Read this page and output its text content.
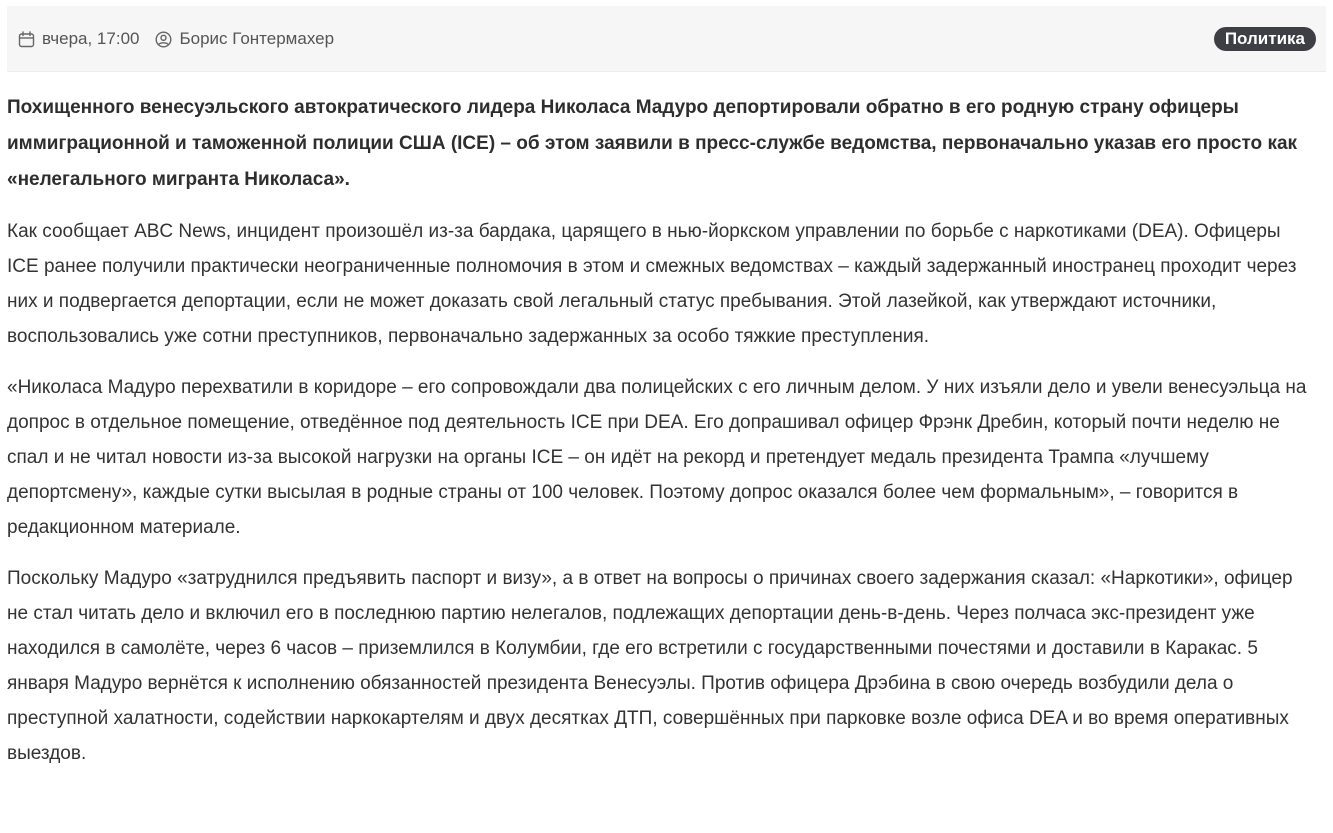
вчера, 17:00 Борис Гонтермахер	Политика

Похищенного венесуэльского автократического лидера Николаса Мадуро депортировали обратно в его родную страну офицеры иммиграционной и таможенной полиции США (ICE) – об этом заявили в пресс-службе ведомства, первоначально указав его просто как «нелегального мигранта Николаса».

Как сообщает ABC News, инцидент произошёл из-за бардака, царящего в нью-йоркском управлении по борьбе с наркотиками (DEA). Офицеры ICE ранее получили практически неограниченные полномочия в этом и смежных ведомствах – каждый задержанный иностранец проходит через них и подвергается депортации, если не может доказать свой легальный статус пребывания. Этой лазейкой, как утверждают источники, воспользовались уже сотни преступников, первоначально задержанных за особо тяжкие преступления.

«Николаса Мадуро перехватили в коридоре – его сопровождали два полицейских с его личным делом. У них изъяли дело и увели венесуэльца на допрос в отдельное помещение, отведённое под деятельность ICE при DEA. Его допрашивал офицер Фрэнк Дребин, который почти неделю не спал и не читал новости из-за высокой нагрузки на органы ICE – он идёт на рекорд и претендует медаль президента Трампа «лучшему депортсмену», каждые сутки высылая в родные страны от 100 человек. Поэтому допрос оказался более чем формальным», – говорится в редакционном материале.

Поскольку Мадуро «затруднился предъявить паспорт и визу», а в ответ на вопросы о причинах своего задержания сказал: «Наркотики», офицер не стал читать дело и включил его в последнюю партию нелегалов, подлежащих депортации день-в-день. Через полчаса экс-президент уже находился в самолёте, через 6 часов – приземлился в Колумбии, где его встретили с государственными почестями и доставили в Каракас. 5 января Мадуро вернётся к исполнению обязанностей президента Венесуэлы. Против офицера Дрэбина в свою очередь возбудили дела о преступной халатности, содействии наркокартелям и двух десятках ДТП, совершённых при парковке возле офиса DEA и во время оперативных выездов.
